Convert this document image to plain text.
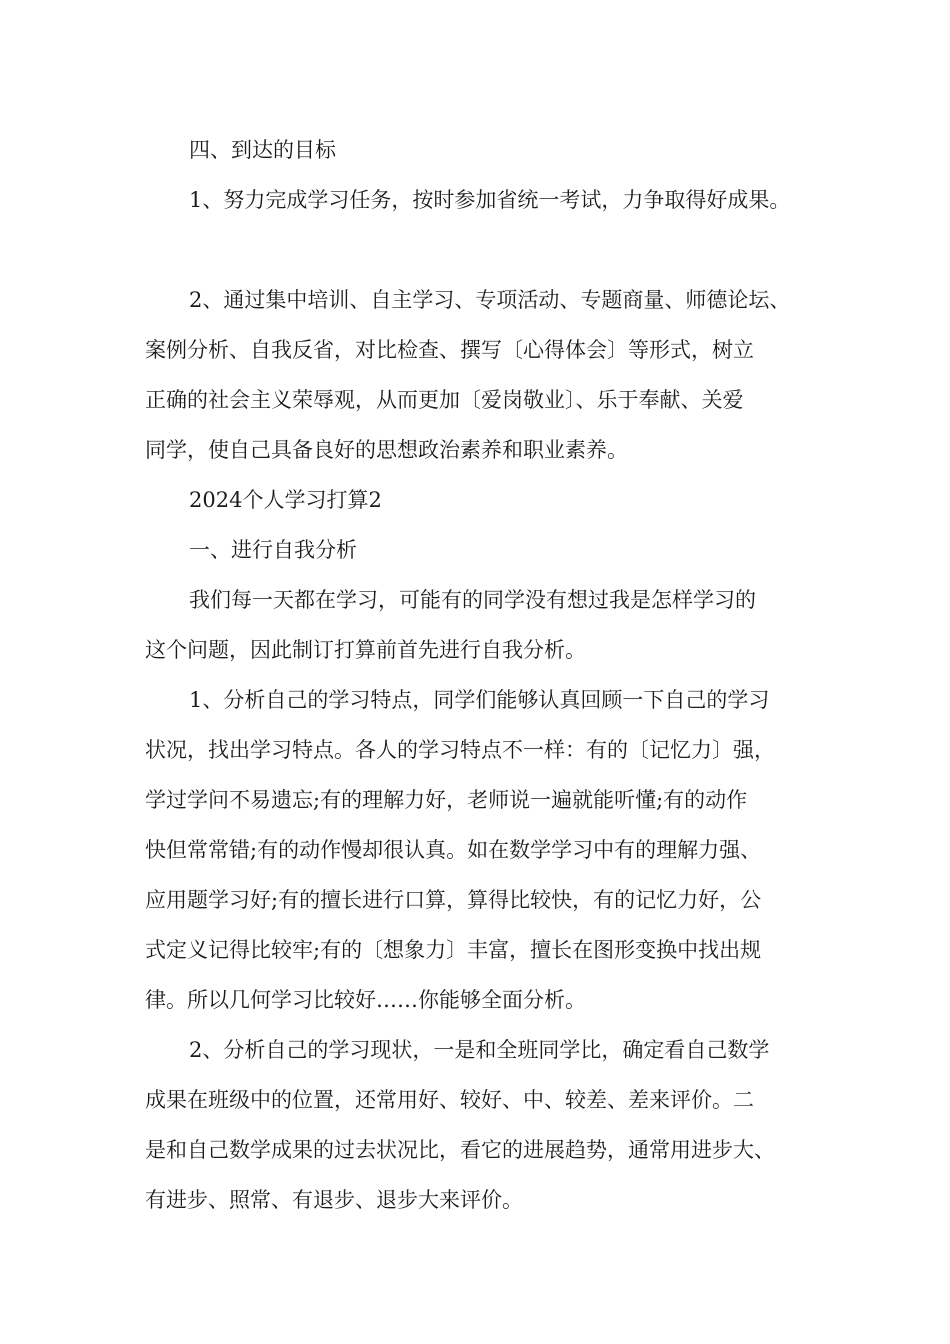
四、到达的目标
1、努力完成学习任务，按时参加省统一考试，力争取得好成果。
2、通过集中培训、自主学习、专项活动、专题商量、师德论坛、
案例分析、自我反省，对比检查、撰写〔心得体会〕等形式，树立
正确的社会主义荣辱观，从而更加〔爱岗敬业〕、乐于奉献、关爱
同学，使自己具备良好的思想政治素养和职业素养。
2024个人学习打算2
一、进行自我分析
我们每一天都在学习，可能有的同学没有想过我是怎样学习的
这个问题，因此制订打算前首先进行自我分析。
1、分析自己的学习特点，同学们能够认真回顾一下自己的学习
状况，找出学习特点。各人的学习特点不一样：有的〔记忆力〕强，
学过学问不易遗忘;有的理解力好，老师说一遍就能听懂;有的动作
快但常常错;有的动作慢却很认真。如在数学学习中有的理解力强、
应用题学习好;有的擅长进行口算，算得比较快，有的记忆力好，公
式定义记得比较牢;有的〔想象力〕丰富，擅长在图形变换中找出规
律。所以几何学习比较好……你能够全面分析。
2、分析自己的学习现状，一是和全班同学比，确定看自己数学
成果在班级中的位置，还常用好、较好、中、较差、差来评价。二
是和自己数学成果的过去状况比，看它的进展趋势，通常用进步大、
有进步、照常、有退步、退步大来评价。
